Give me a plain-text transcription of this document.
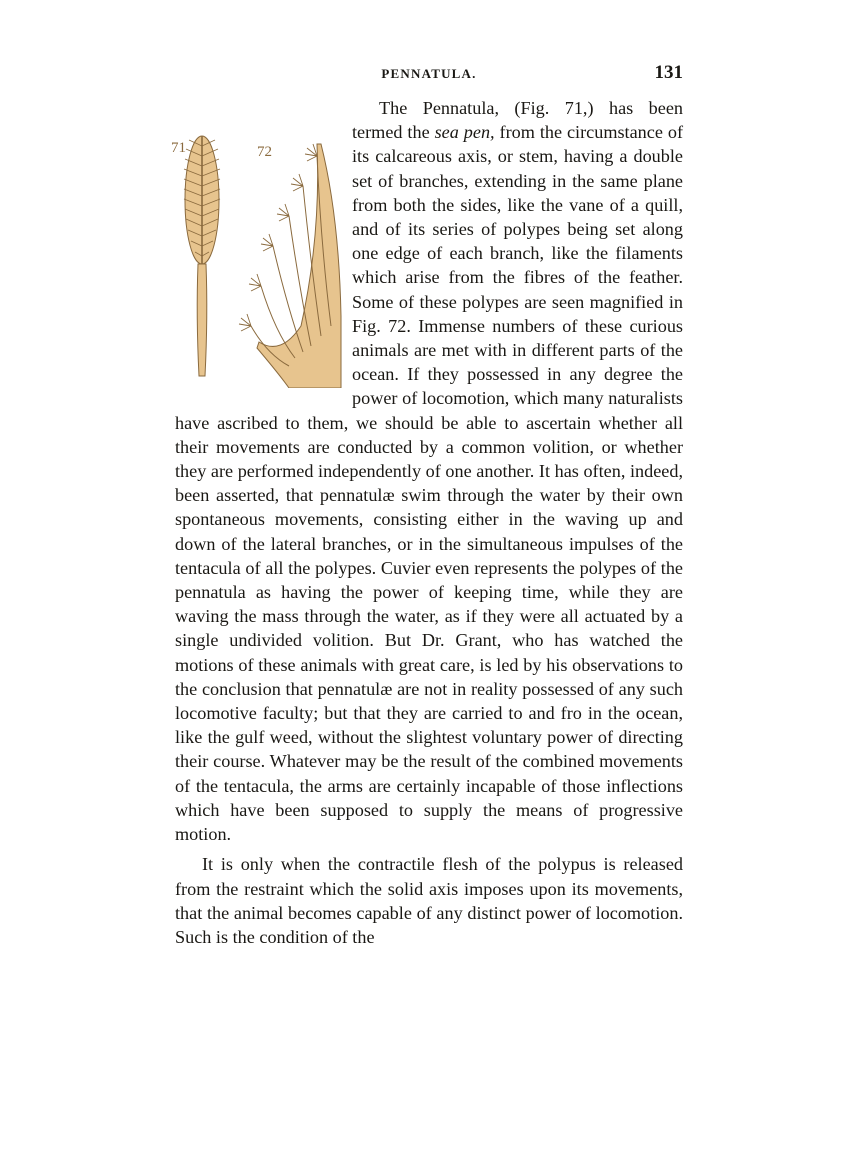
PENNATULA.	131
71	72

The Pennatula, (Fig. 71,) has been termed the sea pen, from the circumstance of its calcareous axis, or stem, having a double set of branches, extending in the same plane from both the sides, like the vane of a quill, and of its series of polypes being set along one edge of each branch, like the filaments which arise from the fibres of the feather. Some of these polypes are seen magnified in Fig. 72. Immense numbers of these curious animals are met with in different parts of the ocean. If they possessed in any degree the power of locomotion, which many naturalists have ascribed to them, we should be able to ascertain whether all their movements are conducted by a common volition, or whether they are performed independently of one another. It has often, indeed, been asserted, that pennatulæ swim through the water by their own spontaneous movements, consisting either in the waving up and down of the lateral branches, or in the simultaneous impulses of the tentacula of all the polypes. Cuvier even represents the polypes of the pennatula as having the power of keeping time, while they are waving the mass through the water, as if they were all actuated by a single undivided volition. But Dr. Grant, who has watched the motions of these animals with great care, is led by his observations to the conclusion that pennatulæ are not in reality possessed of any such locomotive faculty; but that they are carried to and fro in the ocean, like the gulf weed, without the slightest voluntary power of directing their course. Whatever may be the result of the combined movements of the tentacula, the arms are certainly incapable of those inflections which have been supposed to supply the means of progressive motion.

It is only when the contractile flesh of the polypus is released from the restraint which the solid axis imposes upon its movements, that the animal becomes capable of any distinct power of locomotion. Such is the condition of the
